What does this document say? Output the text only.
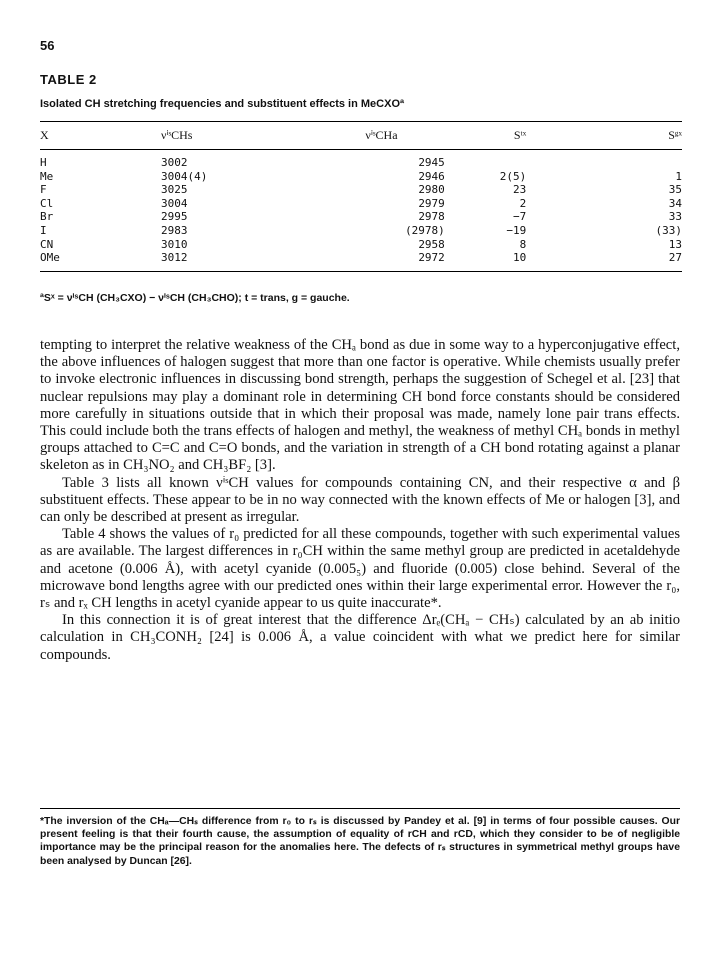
56
TABLE 2
Isolated CH stretching frequencies and substituent effects in MeCXOª
X	νⁱˢCHs	νⁱˢCHa	Sᵗˣ	Sᵍˣ
H	3002	2945		
Me	3004(4)	2946	2(5)	1
F	3025	2980	23	35
Cl	3004	2979	2	34
Br	2995	2978	−7	33
I	2983	(2978)	−19	(33)
CN	3010	2958	8	13
OMe	3012	2972	10	27
ªSˣ = νⁱˢCH (CH₃CXO) − νⁱˢCH (CH₃CHO); t = trans, g = gauche.

tempting to interpret the relative weakness of the CHₐ bond as due in some way to a hyperconjugative effect, the above influences of halogen suggest that more than one factor is operative. While chemists usually prefer to invoke electronic influences in discussing bond strength, perhaps the suggestion of Schegel et al. [23] that nuclear repulsions may play a dominant role in determining CH bond force constants should be considered more carefully in situations outside that in which their proposal was made, namely lone pair trans effects. This could include both the trans effects of halogen and methyl, the weakness of methyl CHₐ bonds in methyl groups attached to C=C and C=O bonds, and the variation in strength of a CH bond rotating against a planar skeleton as in CH₃NO₂ and CH₃BF₂ [3].

Table 3 lists all known νⁱˢCH values for compounds containing CN, and their respective α and β substituent effects. These appear to be in no way connected with the known effects of Me or halogen [3], and can only be described at present as irregular.

Table 4 shows the values of r₀ predicted for all these compounds, together with such experimental values as are available. The largest differences in r₀CH within the same methyl group are predicted in acetaldehyde and acetone (0.006 Å), with acetyl cyanide (0.005₅) and fluoride (0.005) close behind. Several of the microwave bond lengths agree with our predicted ones within their large experimental error. However the r₀, rₛ and rₓ CH lengths in acetyl cyanide appear to us quite inaccurate*.

In this connection it is of great interest that the difference Δrₑ(CHₐ − CHₛ) calculated by an ab initio calculation in CH₃CONH₂ [24] is 0.006 Å, a value coincident with what we predict here for similar compounds.

*The inversion of the CHₐ—CHₛ difference from r₀ to rₛ is discussed by Pandey et al. [9] in terms of four possible causes. Our present feeling is that their fourth cause, the assumption of equality of rCH and rCD, which they consider to be of negligible importance may be the principal reason for the anomalies here. The defects of rₛ structures in symmetrical methyl groups have been analysed by Duncan [26].
